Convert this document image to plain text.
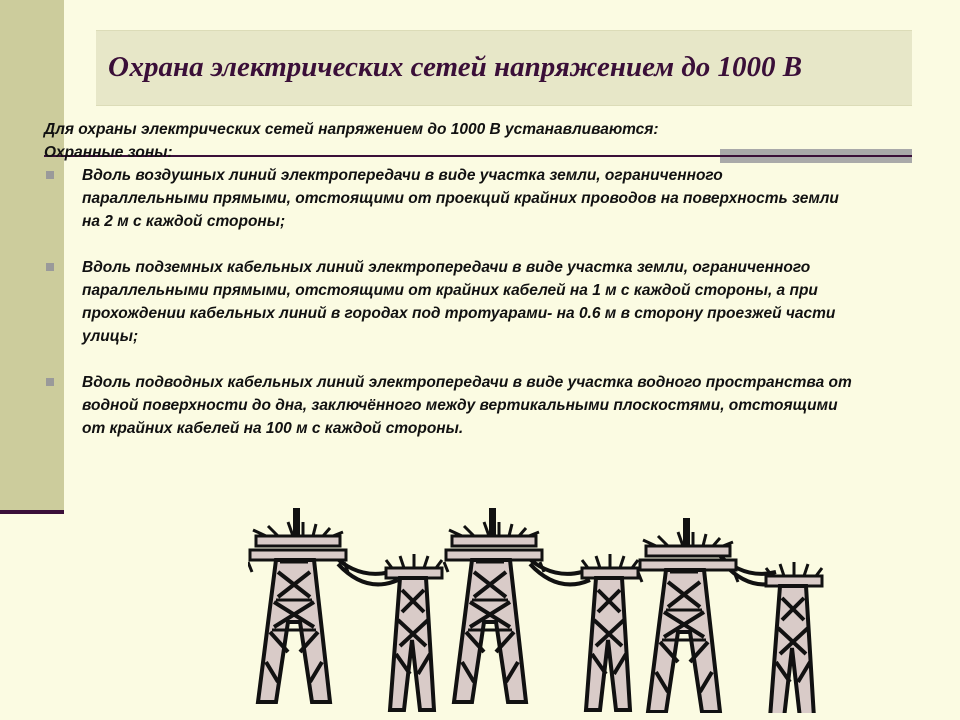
Охрана электрических сетей напряжением до 1000 В

Для охраны электрических сетей напряжением до 1000 В устанавливаются:

Охранные зоны:

Вдоль воздушных линий электропередачи в виде участка земли, ограниченного параллельными прямыми, отстоящими от проекций крайних проводов на поверхность земли на 2 м с каждой стороны;
Вдоль подземных кабельных линий электропередачи в виде участка земли, ограниченного параллельными прямыми, отстоящими от крайних кабелей на 1 м с каждой стороны, а при прохождении кабельных линий в городах под тротуарами- на 0.6 м в сторону проезжей части улицы;
Вдоль подводных кабельных линий электропередачи в виде участка водного пространства от водной поверхности до дна, заключённого между вертикальными плоскостями, отстоящими от крайних кабелей на 100 м с каждой стороны.
